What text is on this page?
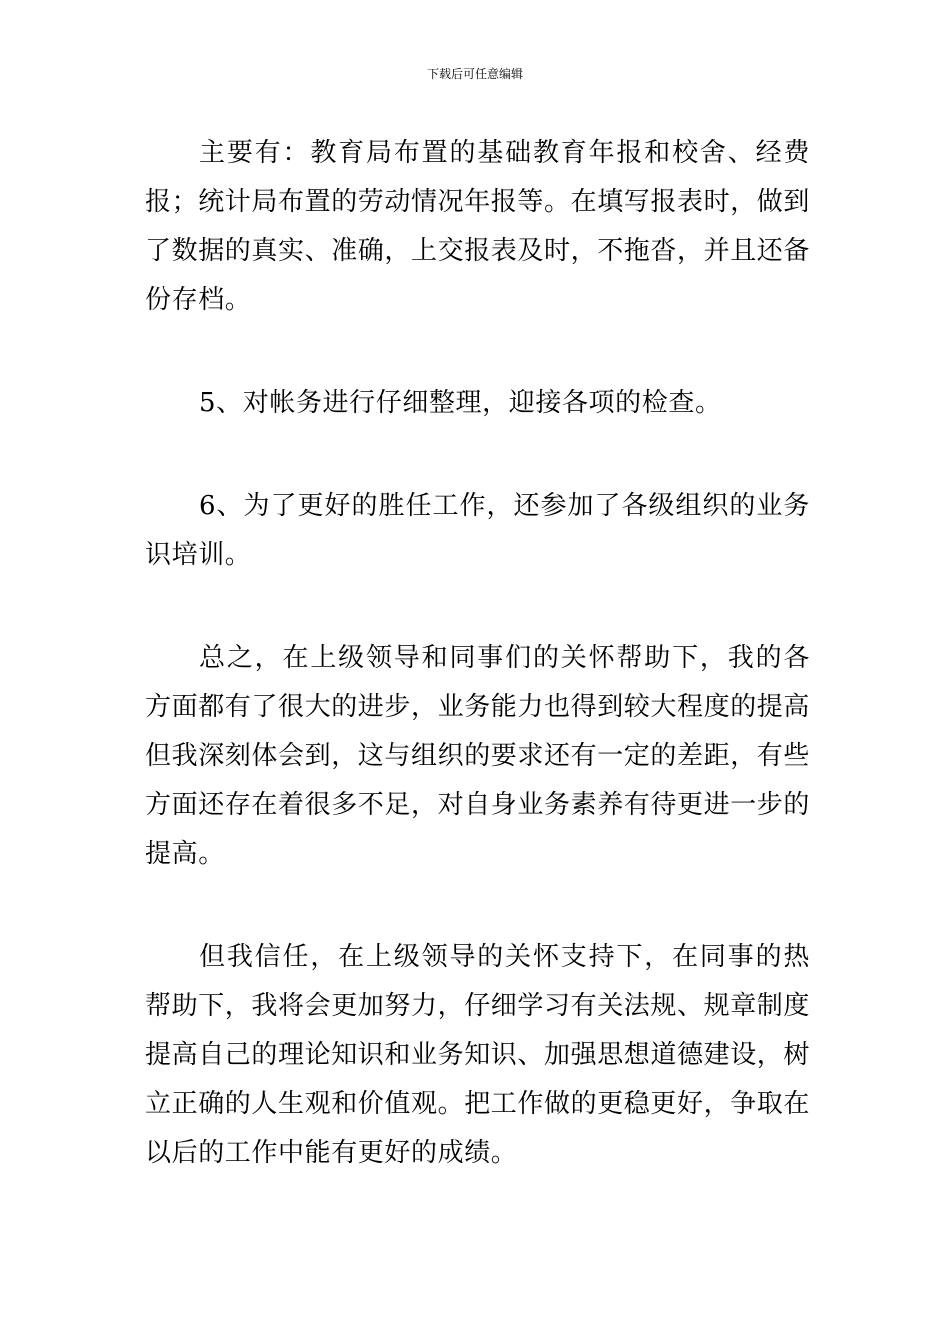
下载后可任意编辑
主要有：教育局布置的基础教育年报和校舍、经费
报；统计局布置的劳动情况年报等。在填写报表时，做到
了数据的真实、准确，上交报表及时，不拖沓，并且还备
份存档。
5、对帐务进行仔细整理，迎接各项的检查。
6、为了更好的胜任工作，还参加了各级组织的业务
识培训。
总之，在上级领导和同事们的关怀帮助下，我的各
方面都有了很大的进步，业务能力也得到较大程度的提高
但我深刻体会到，这与组织的要求还有一定的差距，有些
方面还存在着很多不足，对自身业务素养有待更进一步的
提高。
但我信任，在上级领导的关怀支持下，在同事的热
帮助下，我将会更加努力，仔细学习有关法规、规章制度
提高自己的理论知识和业务知识、加强思想道德建设，树
立正确的人生观和价值观。把工作做的更稳更好，争取在
以后的工作中能有更好的成绩。
